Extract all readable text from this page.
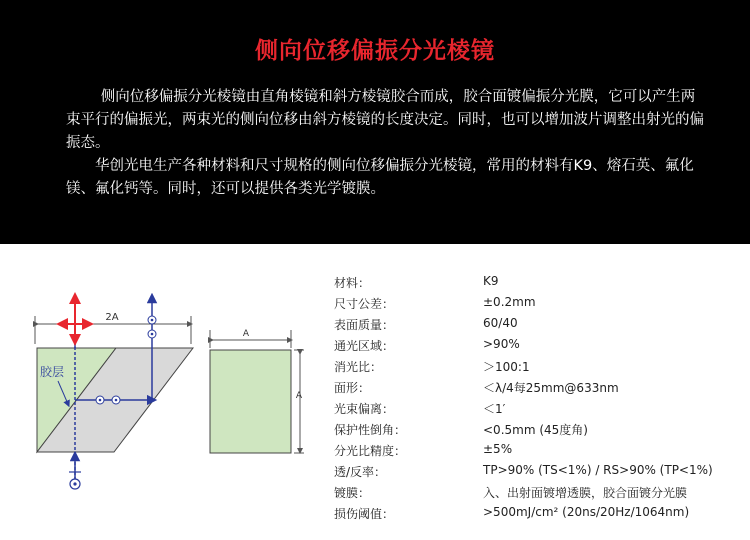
侧向位移偏振分光棱镜

侧向位移偏振分光棱镜由直角棱镜和斜方棱镜胶合而成，胶合面镀偏振分光膜，它可以产生两束平行的偏振光，两束光的侧向位移由斜方棱镜的长度决定。同时，也可以增加波片调整出射光的偏振态。

华创光电生产各种材料和尺寸规格的侧向位移偏振分光棱镜，常用的材料有K9、熔石英、氟化镁、氟化钙等。同时，还可以提供各类光学镀膜。

2A
胶层
A
A
材料：	K9
尺寸公差：	±0.2mm
表面质量：	60/40
通光区域：	>90%
消光比：	＞100:1
面形：	＜λ/4每25mm@633nm
光束偏离：	＜1′
保护性倒角：	<0.5mm (45度角)
分光比精度：	±5%
透/反率：	TP>90% (TS<1%) / RS>90% (TP<1%)
镀膜：	入、出射面镀增透膜，胶合面镀分光膜
损伤阈值：	>500mJ/cm² (20ns/20Hz/1064nm)
